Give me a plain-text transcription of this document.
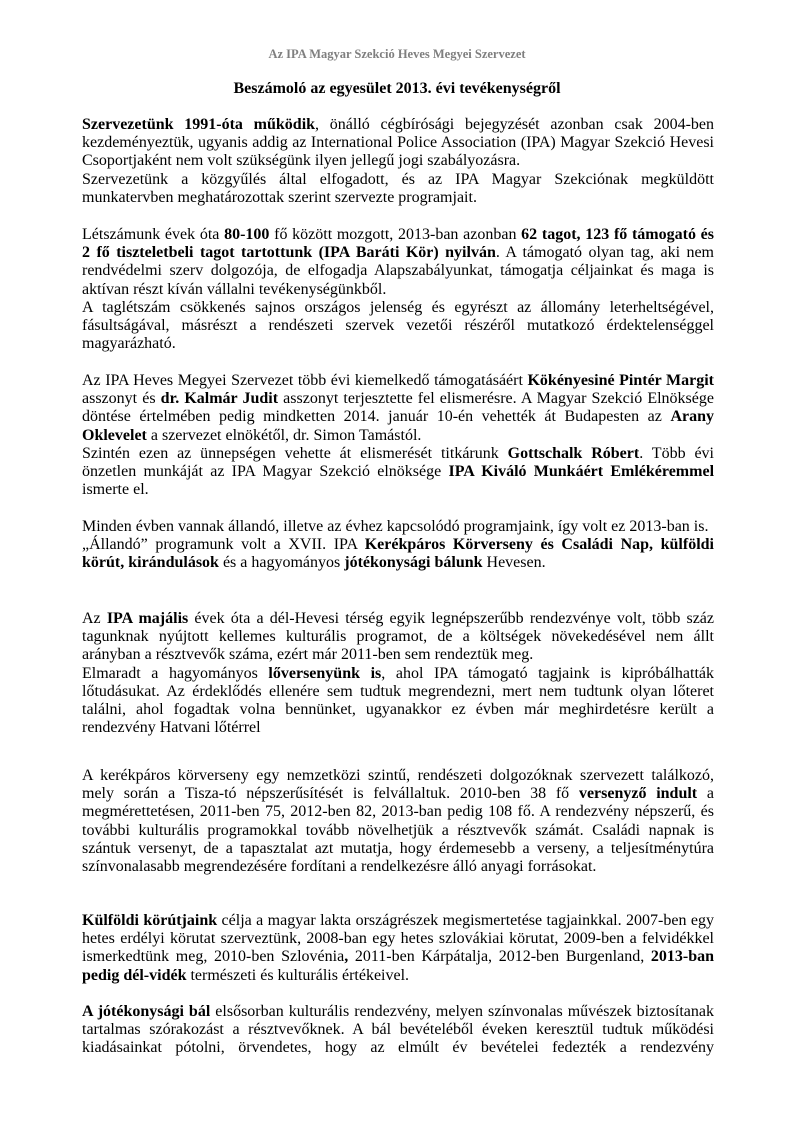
Az IPA Magyar Szekció Heves Megyei Szervezet
Beszámoló az egyesület 2013. évi tevékenységről

Szervezetünk 1991-óta működik, önálló cégbírósági bejegyzését azonban csak 2004-ben kezdeményeztük, ugyanis addig az International Police Association (IPA) Magyar Szekció Hevesi Csoportjaként nem volt szükségünk ilyen jellegű jogi szabályozásra.

Szervezetünk a közgyűlés által elfogadott, és az IPA Magyar Szekciónak megküldött munkatervben meghatározottak szerint szervezte programjait.

Létszámunk évek óta 80-100 fő között mozgott, 2013-ban azonban 62 tagot, 123 fő támogató és 2 fő tiszteletbeli tagot tartottunk (IPA Baráti Kör) nyilván. A támogató olyan tag, aki nem rendvédelmi szerv dolgozója, de elfogadja Alapszabályunkat, támogatja céljainkat és maga is aktívan részt kíván vállalni tevékenységünkből.

A taglétszám csökkenés sajnos országos jelenség és egyrészt az állomány leterheltségével, fásultságával, másrészt a rendészeti szervek vezetői részéről mutatkozó érdektelenséggel magyarázható.

Az IPA Heves Megyei Szervezet több évi kiemelkedő támogatásáért Kökényesiné Pintér Margit asszonyt és dr. Kalmár Judit asszonyt terjesztette fel elismerésre. A Magyar Szekció Elnöksége döntése értelmében pedig mindketten 2014. január 10-én vehették át Budapesten az Arany Oklevelet a szervezet elnökétől, dr. Simon Tamástól.

Szintén ezen az ünnepségen vehette át elismerését titkárunk Gottschalk Róbert. Több évi önzetlen munkáját az IPA Magyar Szekció elnöksége IPA Kiváló Munkáért Emlékéremmel ismerte el.

Minden évben vannak állandó, illetve az évhez kapcsolódó programjaink, így volt ez 2013-ban is.

„Állandó” programunk volt a XVII. IPA Kerékpáros Körverseny és Családi Nap, külföldi körút, kirándulások és a hagyományos jótékonysági bálunk Hevesen.

Az IPA majális évek óta a dél-Hevesi térség egyik legnépszerűbb rendezvénye volt, több száz tagunknak nyújtott kellemes kulturális programot, de a költségek növekedésével nem állt arányban a résztvevők száma, ezért már 2011-ben sem rendeztük meg.

Elmaradt a hagyományos lőversenyünk is, ahol IPA támogató tagjaink is kipróbálhatták lőtudásukat. Az érdeklődés ellenére sem tudtuk megrendezni, mert nem tudtunk olyan lőteret találni, ahol fogadtak volna bennünket, ugyanakkor ez évben már meghirdetésre került a rendezvény Hatvani lőtérrel

A kerékpáros körverseny egy nemzetközi szintű, rendészeti dolgozóknak szervezett találkozó, mely során a Tisza-tó népszerűsítését is felvállaltuk. 2010-ben 38 fő versenyző indult a megmérettetésen, 2011-ben 75, 2012-ben 82, 2013-ban pedig 108 fő. A rendezvény népszerű, és további kulturális programokkal tovább növelhetjük a résztvevők számát. Családi napnak is szántuk versenyt, de a tapasztalat azt mutatja, hogy érdemesebb a verseny, a teljesítménytúra színvonalasabb megrendezésére fordítani a rendelkezésre álló anyagi forrásokat.

Külföldi körútjaink célja a magyar lakta országrészek megismertetése tagjainkkal. 2007-ben egy hetes erdélyi körutat szerveztünk, 2008-ban egy hetes szlovákiai körutat, 2009-ben a felvidékkel ismerkedtünk meg, 2010-ben Szlovénia, 2011-ben Kárpátalja, 2012-ben Burgenland, 2013-ban pedig dél-vidék természeti és kulturális értékeivel.

A jótékonysági bál elsősorban kulturális rendezvény, melyen színvonalas művészek biztosítanak tartalmas szórakozást a résztvevőknek. A bál bevételéből éveken keresztül tudtuk működési kiadásainkat pótolni, örvendetes, hogy az elmúlt év bevételei fedezték a rendezvény
